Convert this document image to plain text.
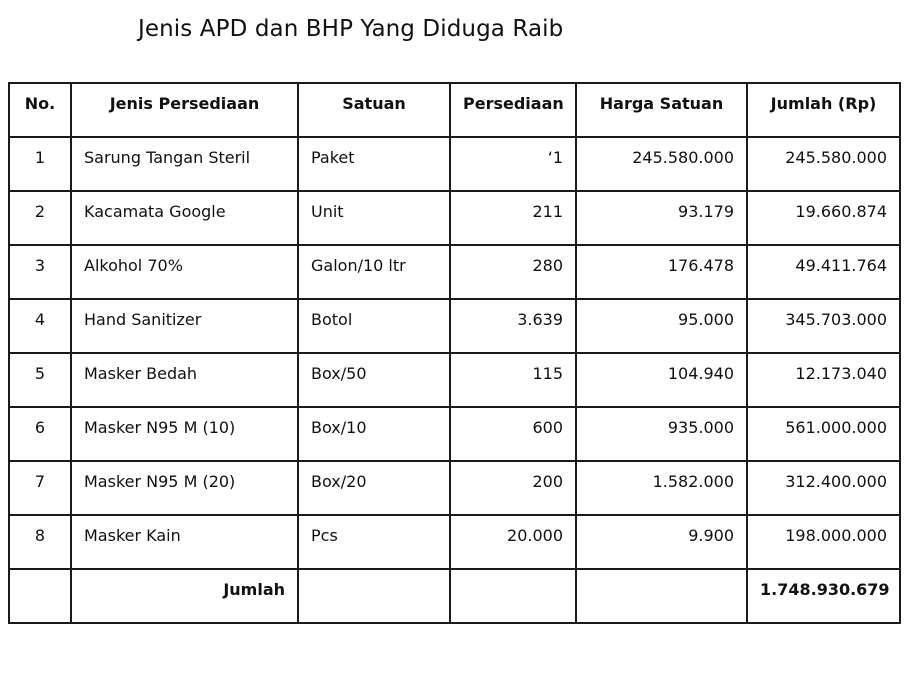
Jenis APD dan BHP Yang Diduga Raib
No.	Jenis Persediaan	Satuan	Persediaan	Harga Satuan	Jumlah (Rp)
1	Sarung Tangan Steril	Paket	‘1	245.580.000	245.580.000
2	Kacamata Google	Unit	211	93.179	19.660.874
3	Alkohol 70%	Galon/10 ltr	280	176.478	49.411.764
4	Hand Sanitizer	Botol	3.639	95.000	345.703.000
5	Masker Bedah	Box/50	115	104.940	12.173.040
6	Masker N95 M (10)	Box/10	600	935.000	561.000.000
7	Masker N95 M (20)	Box/20	200	1.582.000	312.400.000
8	Masker Kain	Pcs	20.000	9.900	198.000.000
	Jumlah				1.748.930.679
